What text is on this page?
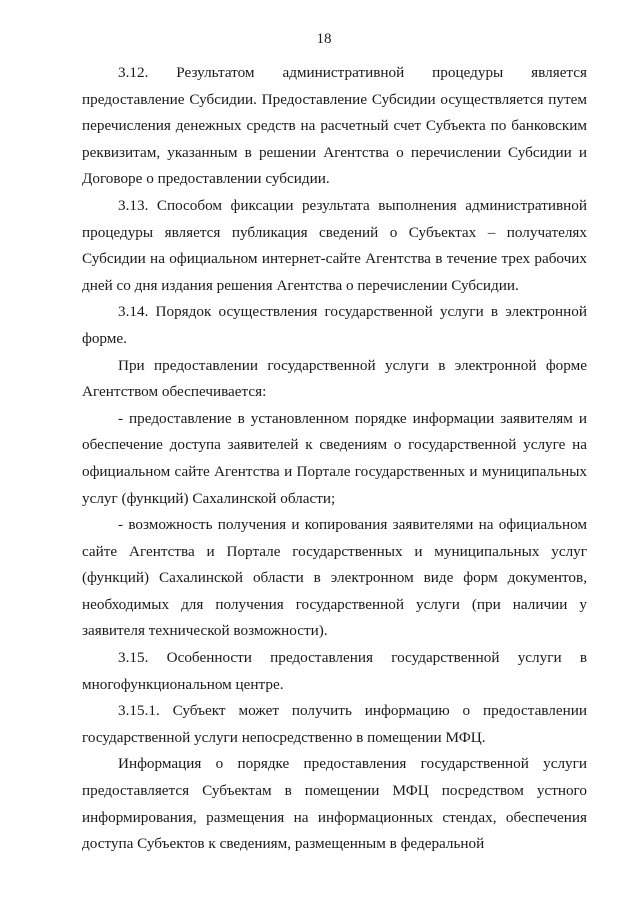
18

3.12. Результатом административной процедуры является предоставление Субсидии. Предоставление Субсидии осуществляется путем перечисления денежных средств на расчетный счет Субъекта по банковским реквизитам, указанным в решении Агентства о перечислении Субсидии и Договоре о предоставлении субсидии.

3.13. Способом фиксации результата выполнения административной процедуры является публикация сведений о Субъектах – получателях Субсидии на официальном интернет-сайте Агентства в течение трех рабочих дней со дня издания решения Агентства о перечислении Субсидии.

3.14. Порядок осуществления государственной услуги в электронной форме.

При предоставлении государственной услуги в электронной форме Агентством обеспечивается:

- предоставление в установленном порядке информации заявителям и обеспечение доступа заявителей к сведениям о государственной услуге на официальном сайте Агентства и Портале государственных и муниципальных услуг (функций) Сахалинской области;

- возможность получения и копирования заявителями на официальном сайте Агентства и Портале государственных и муниципальных услуг (функций) Сахалинской области в электронном виде форм документов, необходимых для получения государственной услуги (при наличии у заявителя технической возможности).

3.15. Особенности предоставления государственной услуги в многофункциональном центре.

3.15.1. Субъект может получить информацию о предоставлении государственной услуги непосредственно в помещении МФЦ.

Информация о порядке предоставления государственной услуги предоставляется Субъектам в помещении МФЦ посредством устного информирования, размещения на информационных стендах, обеспечения доступа Субъектов к сведениям, размещенным в федеральной
